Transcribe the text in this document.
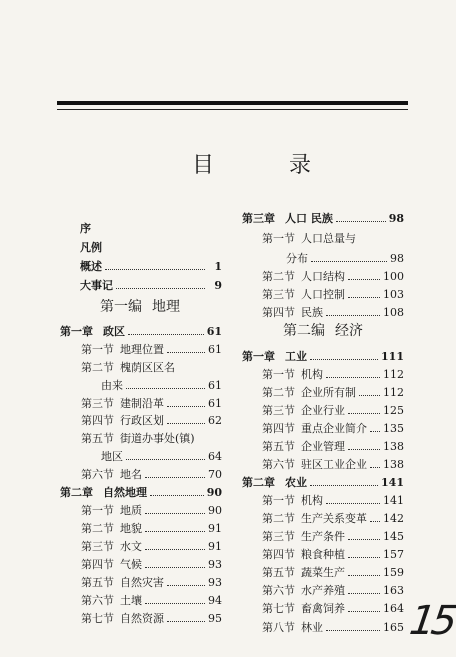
目 录
序
凡例
概述	1
大事记	9
第一编 地理
第一章 政区	61
第一节 地理位置	61
第二节 槐荫区区名
由来	61
第三节 建制沿革	61
第四节 行政区划	62
第五节 街道办事处(镇)
地区	64
第六节 地名	70
第二章 自然地理	90
第一节 地质	90
第二节 地貌	91
第三节 水文	91
第四节 气候	93
第五节 自然灾害	93
第六节 土壤	94
第七节 自然资源	95
第三章 人口 民族	98
第一节 人口总量与
分布	98
第二节 人口结构	100
第三节 人口控制	103
第四节 民族	108
第二编 经济
第一章 工业	111
第一节 机构	112
第二节 企业所有制 112
第三节 企业行业	125
第四节 重点企业简介 135
第五节 企业管理	138
第六节 驻区工业企业 138
第二章 农业	141
第一节 机构	141
第二节 生产关系变革 142
第三节 生产条件	145
第四节 粮食种植	157
第五节 蔬菜生产	159
第六节 水产养殖	163
第七节 畜禽饲养	164
第八节 林业	165 15
